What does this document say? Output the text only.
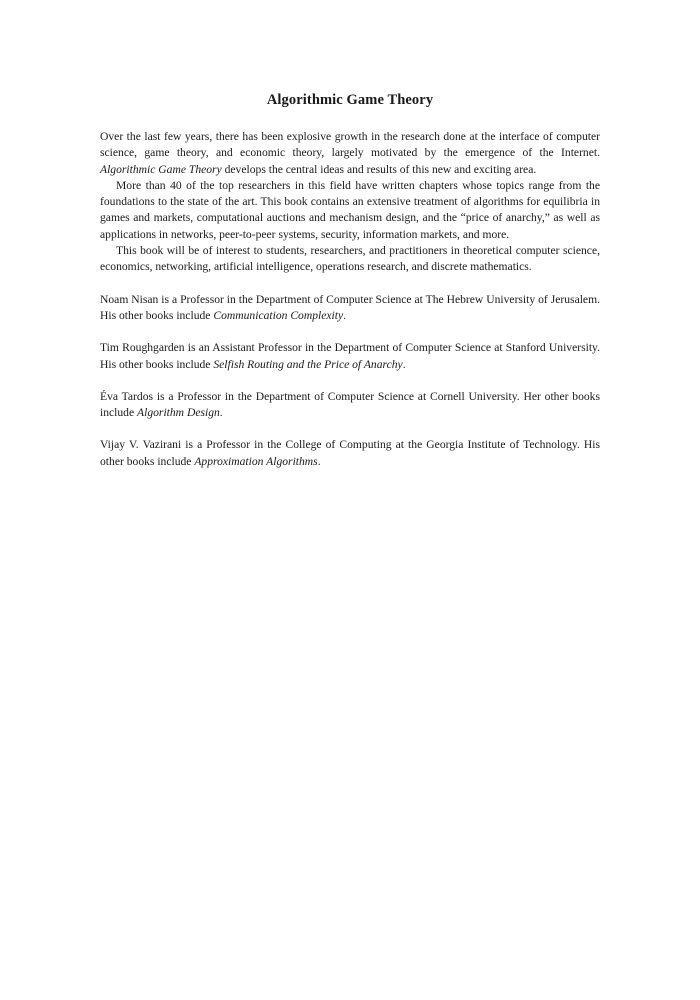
Algorithmic Game Theory

Over the last few years, there has been explosive growth in the research done at the interface of computer science, game theory, and economic theory, largely motivated by the emergence of the Internet. Algorithmic Game Theory develops the central ideas and results of this new and exciting area.

More than 40 of the top researchers in this field have written chapters whose topics range from the foundations to the state of the art. This book contains an extensive treatment of algorithms for equilibria in games and markets, computational auctions and mechanism design, and the “price of anarchy,” as well as applications in networks, peer-to-peer systems, security, information markets, and more.

This book will be of interest to students, researchers, and practitioners in theoretical computer science, economics, networking, artificial intelligence, operations research, and discrete mathematics.

Noam Nisan is a Professor in the Department of Computer Science at The Hebrew University of Jerusalem. His other books include Communication Complexity.

Tim Roughgarden is an Assistant Professor in the Department of Computer Science at Stanford University. His other books include Selfish Routing and the Price of Anarchy.

Éva Tardos is a Professor in the Department of Computer Science at Cornell University. Her other books include Algorithm Design.

Vijay V. Vazirani is a Professor in the College of Computing at the Georgia Institute of Technology. His other books include Approximation Algorithms.
